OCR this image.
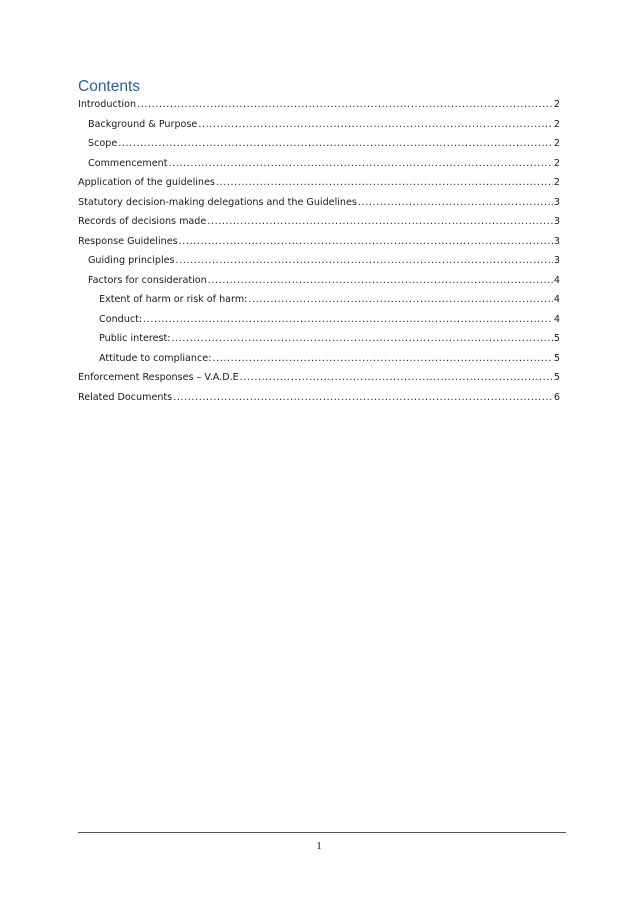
Contents
Introduction .....	2
Background & Purpose .....	2
Scope .....	2
Commencement .....	2
Application of the guidelines .....	2
Statutory decision-making delegations and the Guidelines .....	3
Records of decisions made .....	3
Response Guidelines .....	3
Guiding principles .....	3
Factors for consideration .....	4
Extent of harm or risk of harm: .....	4
Conduct: .....	4
Public interest: .....	5
Attitude to compliance: .....	5
Enforcement Responses – V.A.D.E .....	5
Related Documents .....	6
1
